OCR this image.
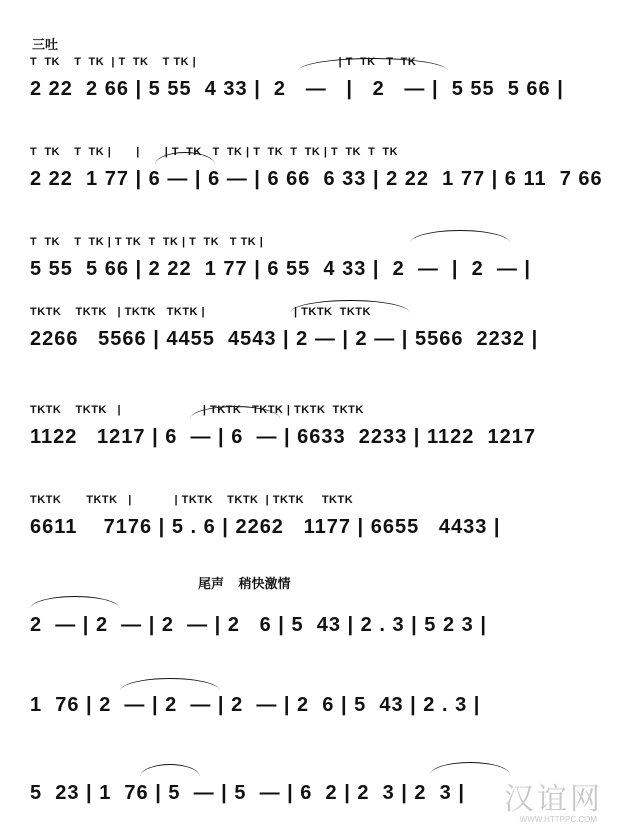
三吐
T  TK    T  TK  | T  TK    T TK |                                        | T  TK   T  TK
2 22  2 66 | 5 55  4 33 |  2   —   |   2   — |  5 55  5 66 |
T  TK    T  TK |       |       | T  TK   T  TK | T  TK  T  TK | T  TK  T  TK
2 22  1 77 | 6 — | 6 — | 6 66  6 33 | 2 22  1 77 | 6 11  7 66
T  TK    T  TK | T TK  T  TK | T  TK   T TK |
5 55  5 66 | 2 22  1 77 | 6 55  4 33 |  2  —  |  2  — |
TKTK    TKTK   | TKTK   TKTK |                         | TKTK  TKTK
2266   5566 | 4455  4543 | 2 — | 2 — | 5566  2232 |
TKTK    TKTK   |                       | TKTK   TKTK | TKTK  TKTK
1122   1217 | 6  — | 6  — | 6633  2233 | 1122  1217
TKTK       TKTK   |            | TKTK    TKTK  | TKTK     TKTK
6611    7176 | 5 . 6 | 2262   1177 | 6655   4433 |
尾声 稍快激情
2  — | 2  — | 2  — | 2   6 | 5  43 | 2 . 3 | 5 2 3 |
1  76 | 2  — | 2  — | 2  — | 2  6 | 5  43 | 2 . 3 |
5  23 | 1  76 | 5  — | 5  — | 6  2 | 2  3 | 2  3 |	汉谊网
WWW.HTTPPC.COM
